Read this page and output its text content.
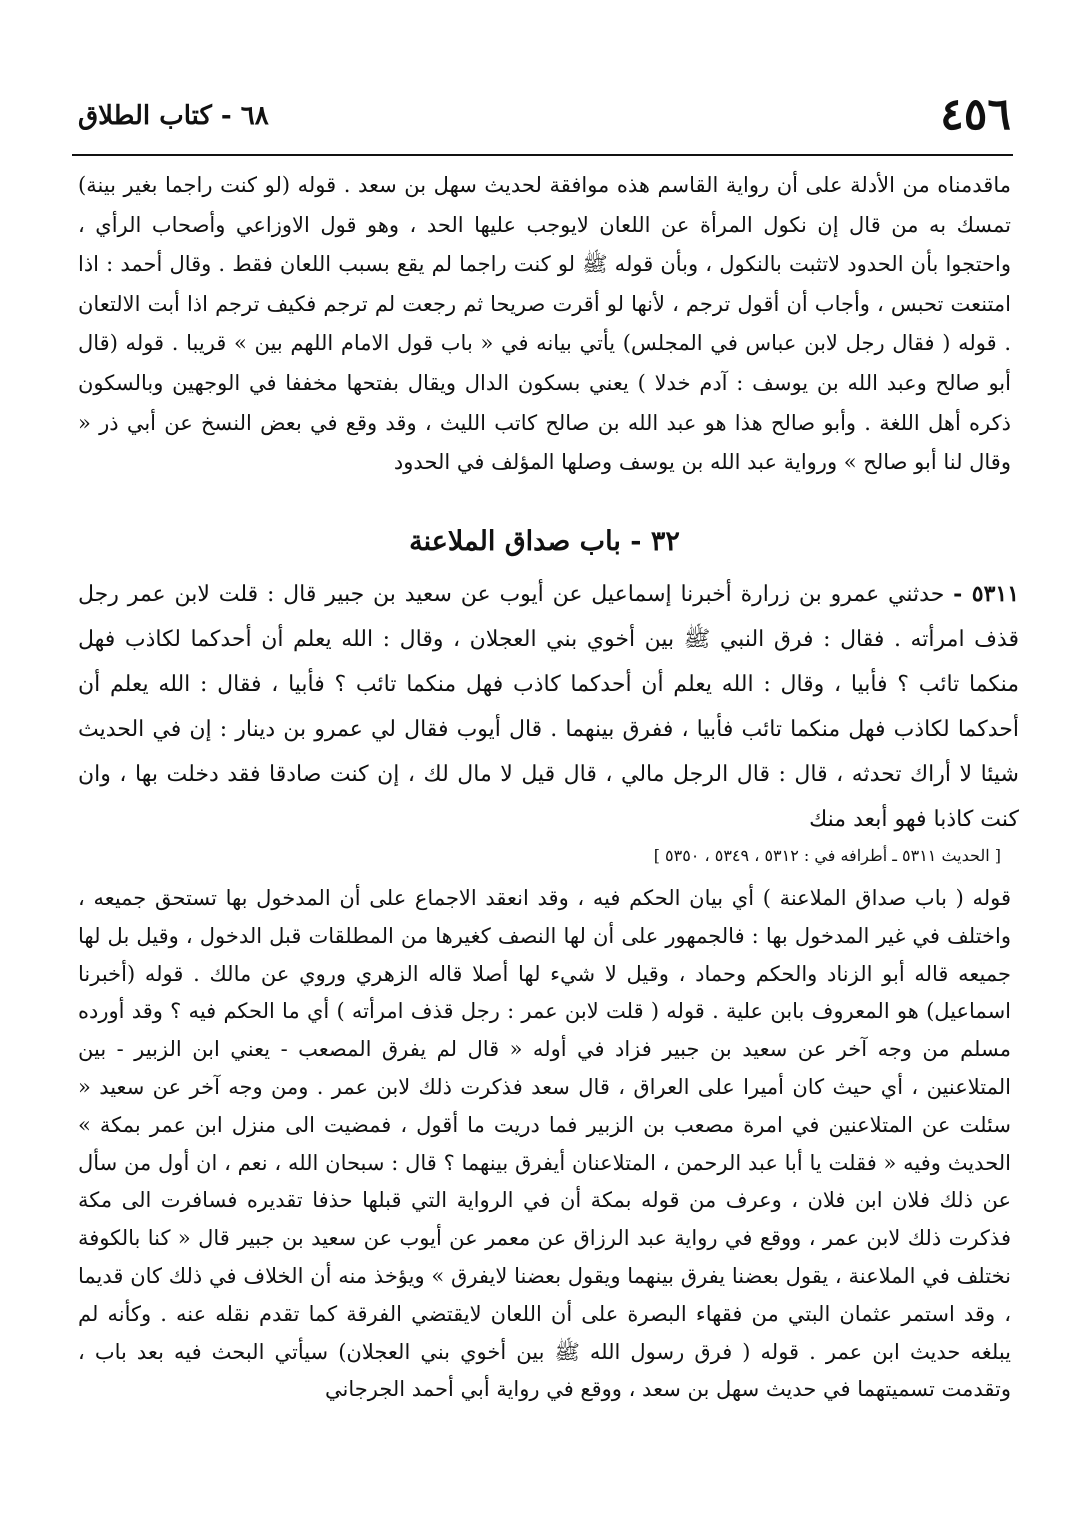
٤٥٦
٦٨ - كتاب الطلاق

ماقدمناه من الأدلة على أن رواية القاسم هذه موافقة لحديث سهل بن سعد . قوله (لو كنت راجما بغير بينة) تمسك به من قال إن نكول المرأة عن اللعان لايوجب عليها الحد ، وهو قول الاوزاعي وأصحاب الرأي ، واحتجوا بأن الحدود لاتثبت بالنكول ، وبأن قوله ﷺ لو كنت راجما لم يقع بسبب اللعان فقط . وقال أحمد : اذا امتنعت تحبس ، وأجاب أن أقول ترجم ، لأنها لو أقرت صريحا ثم رجعت لم ترجم فكيف ترجم اذا أبت الالتعان . قوله ( فقال رجل لابن عباس في المجلس) يأتي بيانه في « باب قول الامام اللهم بين » قريبا . قوله (قال أبو صالح وعبد الله بن يوسف : آدم خدلا ) يعني بسكون الدال ويقال بفتحها مخففا في الوجهين وبالسكون ذكره أهل اللغة . وأبو صالح هذا هو عبد الله بن صالح كاتب الليث ، وقد وقع في بعض النسخ عن أبي ذر « وقال لنا أبو صالح » ورواية عبد الله بن يوسف وصلها المؤلف في الحدود

٣٢ - باب صداق الملاعنة

٥٣١١ - حدثني عمرو بن زرارة أخبرنا إسماعيل عن أيوب عن سعيد بن جبير قال : قلت لابن عمر رجل قذف امرأته . فقال : فرق النبي ﷺ بين أخوي بني العجلان ، وقال : الله يعلم أن أحدكما لكاذب فهل منكما تائب ؟ فأبيا ، وقال : الله يعلم أن أحدكما كاذب فهل منكما تائب ؟ فأبيا ، فقال : الله يعلم أن أحدكما لكاذب فهل منكما تائب فأبيا ، ففرق بينهما . قال أيوب فقال لي عمرو بن دينار : إن في الحديث شيئا لا أراك تحدثه ، قال : قال الرجل مالي ، قال قيل لا مال لك ، إن كنت صادقا فقد دخلت بها ، وان كنت كاذبا فهو أبعد منك

[ الحديث ٥٣١١ ـ أطرافه في : ٥٣١٢ ، ٥٣٤٩ ، ٥٣٥٠ ]

قوله ( باب صداق الملاعنة ) أي بيان الحكم فيه ، وقد انعقد الاجماع على أن المدخول بها تستحق جميعه ، واختلف في غير المدخول بها : فالجمهور على أن لها النصف كغيرها من المطلقات قبل الدخول ، وقيل بل لها جميعه قاله أبو الزناد والحكم وحماد ، وقيل لا شيء لها أصلا قاله الزهري وروي عن مالك . قوله (أخبرنا اسماعيل) هو المعروف بابن علية . قوله ( قلت لابن عمر : رجل قذف امرأته ) أي ما الحكم فيه ؟ وقد أورده مسلم من وجه آخر عن سعيد بن جبير فزاد في أوله « قال لم يفرق المصعب - يعني ابن الزبير - بين المتلاعنين ، أي حيث كان أميرا على العراق ، قال سعد فذكرت ذلك لابن عمر . ومن وجه آخر عن سعيد « سئلت عن المتلاعنين في امرة مصعب بن الزبير فما دريت ما أقول ، فمضيت الى منزل ابن عمر بمكة » الحديث وفيه « فقلت يا أبا عبد الرحمن ، المتلاعنان أيفرق بينهما ؟ قال : سبحان الله ، نعم ، ان أول من سأل عن ذلك فلان ابن فلان ، وعرف من قوله بمكة أن في الرواية التي قبلها حذفا تقديره فسافرت الى مكة فذكرت ذلك لابن عمر ، ووقع في رواية عبد الرزاق عن معمر عن أيوب عن سعيد بن جبير قال « كنا بالكوفة نختلف في الملاعنة ، يقول بعضنا يفرق بينهما ويقول بعضنا لايفرق » ويؤخذ منه أن الخلاف في ذلك كان قديما ، وقد استمر عثمان البتي من فقهاء البصرة على أن اللعان لايقتضي الفرقة كما تقدم نقله عنه . وكأنه لم يبلغه حديث ابن عمر . قوله ( فرق رسول الله ﷺ بين أخوي بني العجلان) سيأتي البحث فيه بعد باب ، وتقدمت تسميتهما في حديث سهل بن سعد ، ووقع في رواية أبي أحمد الجرجاني
